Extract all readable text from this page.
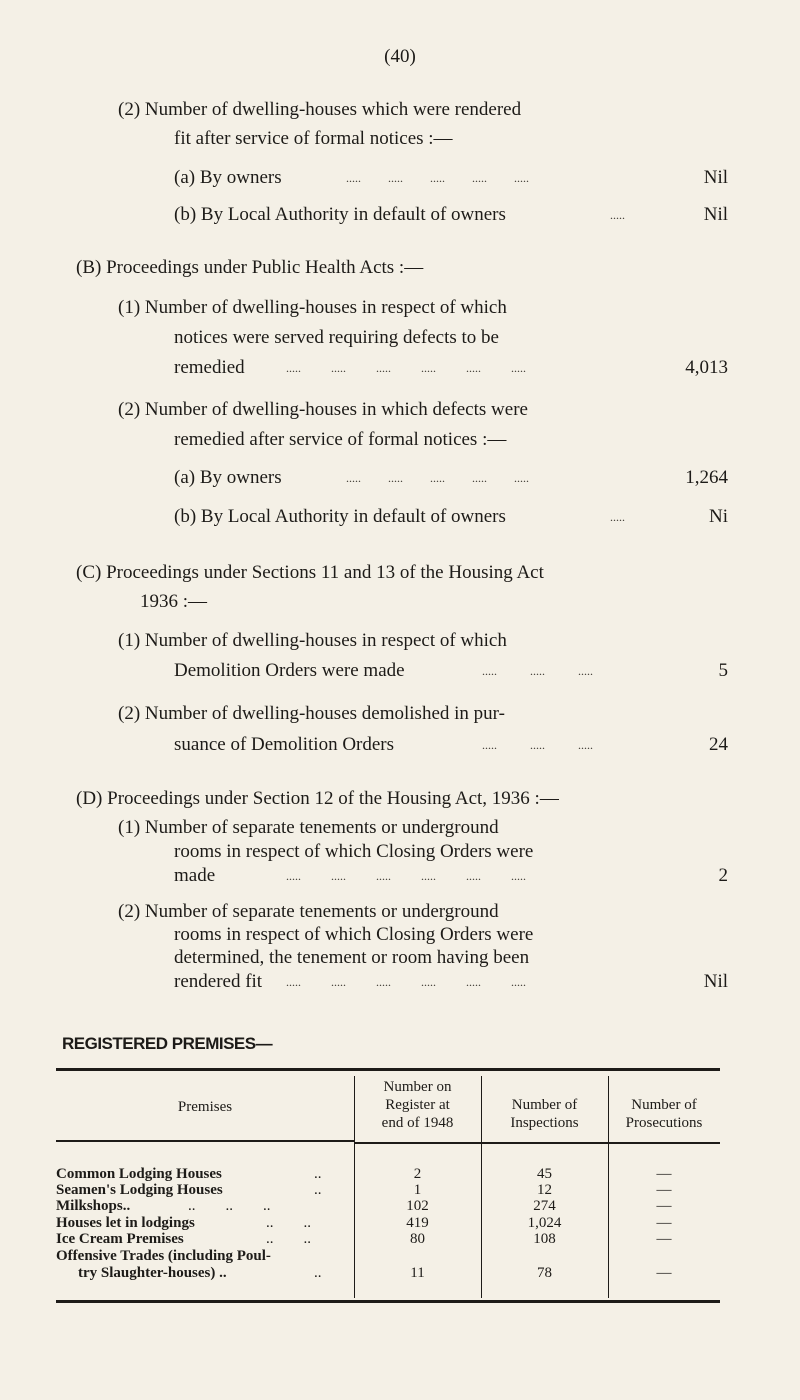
(40)
(2) Number of dwelling-houses which were rendered
fit after service of formal notices :—
(a) By owners	.....         .....         .....         .....         .....	Nil
(b) By Local Authority in default of owners	.....	Nil
(B) Proceedings under Public Health Acts :—
(1) Number of dwelling-houses in respect of which
notices were served requiring defects to be
remedied	.....          .....          .....          .....          .....          .....	4,013
(2) Number of dwelling-houses in which defects were
remedied after service of formal notices :—
(a) By owners	.....         .....         .....         .....         .....	1,264
(b) By Local Authority in default of owners	.....	Ni
(C) Proceedings under Sections 11 and 13 of the Housing Act
1936 :—
(1) Number of dwelling-houses in respect of which
Demolition Orders were made	.....           .....           .....	5
(2) Number of dwelling-houses demolished in pur-
suance of Demolition Orders	.....           .....           .....	24
(D) Proceedings under Section 12 of the Housing Act, 1936 :—
(1) Number of separate tenements or underground
rooms in respect of which Closing Orders were
made	.....          .....          .....          .....          .....          .....	2
(2) Number of separate tenements or underground
rooms in respect of which Closing Orders were
determined, the tenement or room having been
rendered fit .....          .....          .....          .....          .....          .....	Nil
REGISTERED PREMISES—
Premises
Number on
Register at
end of 1948
Number of
Inspections
Number of
Prosecutions
Common Lodging Houses	..	2	45	—
Seamen's Lodging Houses	..	1	12	—
Milkshops..	..        ..        ..	102	274	—
Houses let in lodgings	..        ..	419	1,024	—
Ice Cream Premises	..        ..	80	108	—
Offensive Trades (including Poul-
try Slaughter-houses) ..	..	11	78	—
